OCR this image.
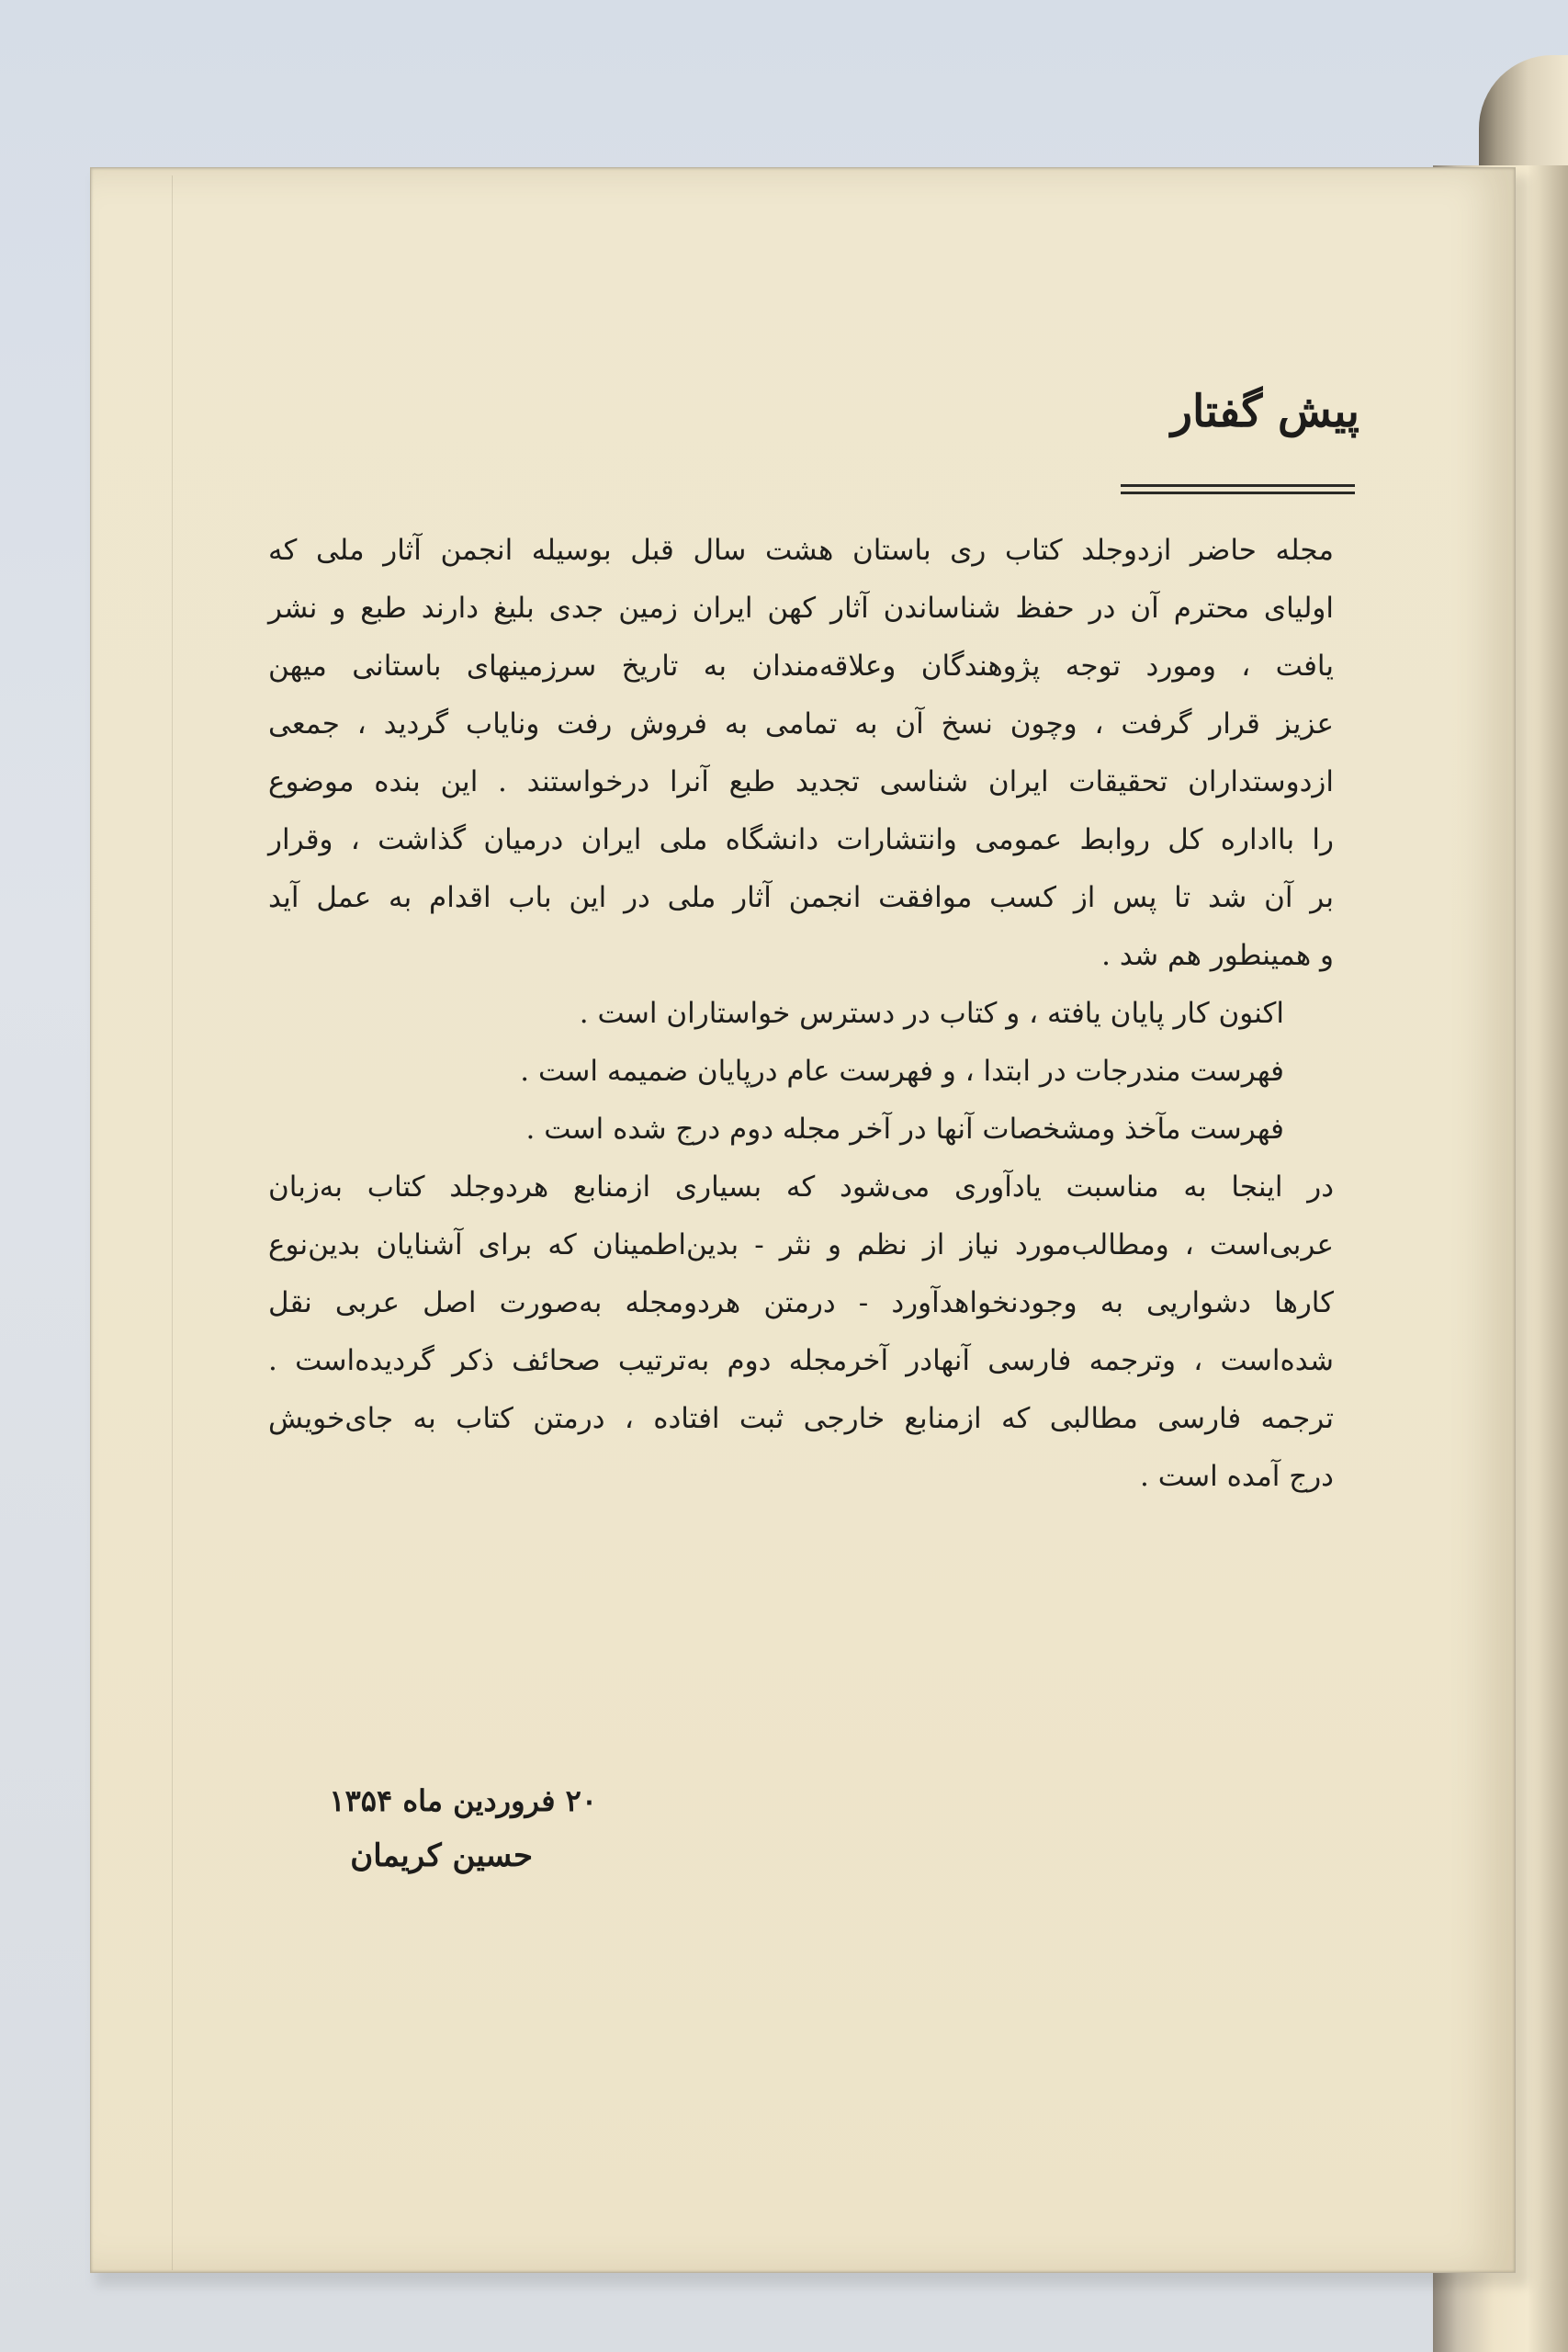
پیش گفتار
مجله حاضر ازدوجلد کتاب ری باستان هشت سال قبل بوسیله انجمن آثار ملی که
اولیای محترم آن در حفظ شناساندن آثار کهن ایران زمین جدی بلیغ دارند طبع و نشر
یافت ، ومورد توجه پژوهندگان وعلاقه‌مندان به تاریخ سرزمینهای باستانی میهن
عزیز قرار گرفت ، وچون نسخ آن به تمامی به فروش رفت ونایاب گردید ، جمعی
ازدوستداران تحقیقات ایران شناسی تجدید طبع آنرا درخواستند . این بنده موضوع
را بااداره کل روابط عمومی وانتشارات دانشگاه ملی ایران درمیان گذاشت ، وقرار
بر آن شد تا پس از کسب موافقت انجمن آثار ملی در این باب اقدام به عمل آید
و همینطور هم شد .
اکنون کار پایان یافته ، و کتاب در دسترس خواستاران است .
فهرست مندرجات در ابتدا ، و فهرست عام درپایان ضمیمه است .
فهرست مآخذ ومشخصات آنها در آخر مجله دوم درج شده است .
در اینجا به مناسبت یادآوری می‌شود که بسیاری ازمنابع هردوجلد کتاب به‌زبان
عربی‌است ، ومطالب‌مورد نیاز از نظم و نثر - بدین‌اطمینان که برای آشنایان بدین‌نوع
کارها دشواریی به وجودنخواهدآورد - درمتن هردومجله به‌صورت اصل عربی نقل
شده‌است ، وترجمه فارسی آنهادر آخرمجله دوم به‌ترتیب صحائف ذکر گردیده‌است .
ترجمه فارسی مطالبی که ازمنابع خارجی ثبت افتاده ، درمتن کتاب به جای‌خویش
درج آمده است .
۲۰ فروردین ماه ۱۳۵۴
حسین کریمان
